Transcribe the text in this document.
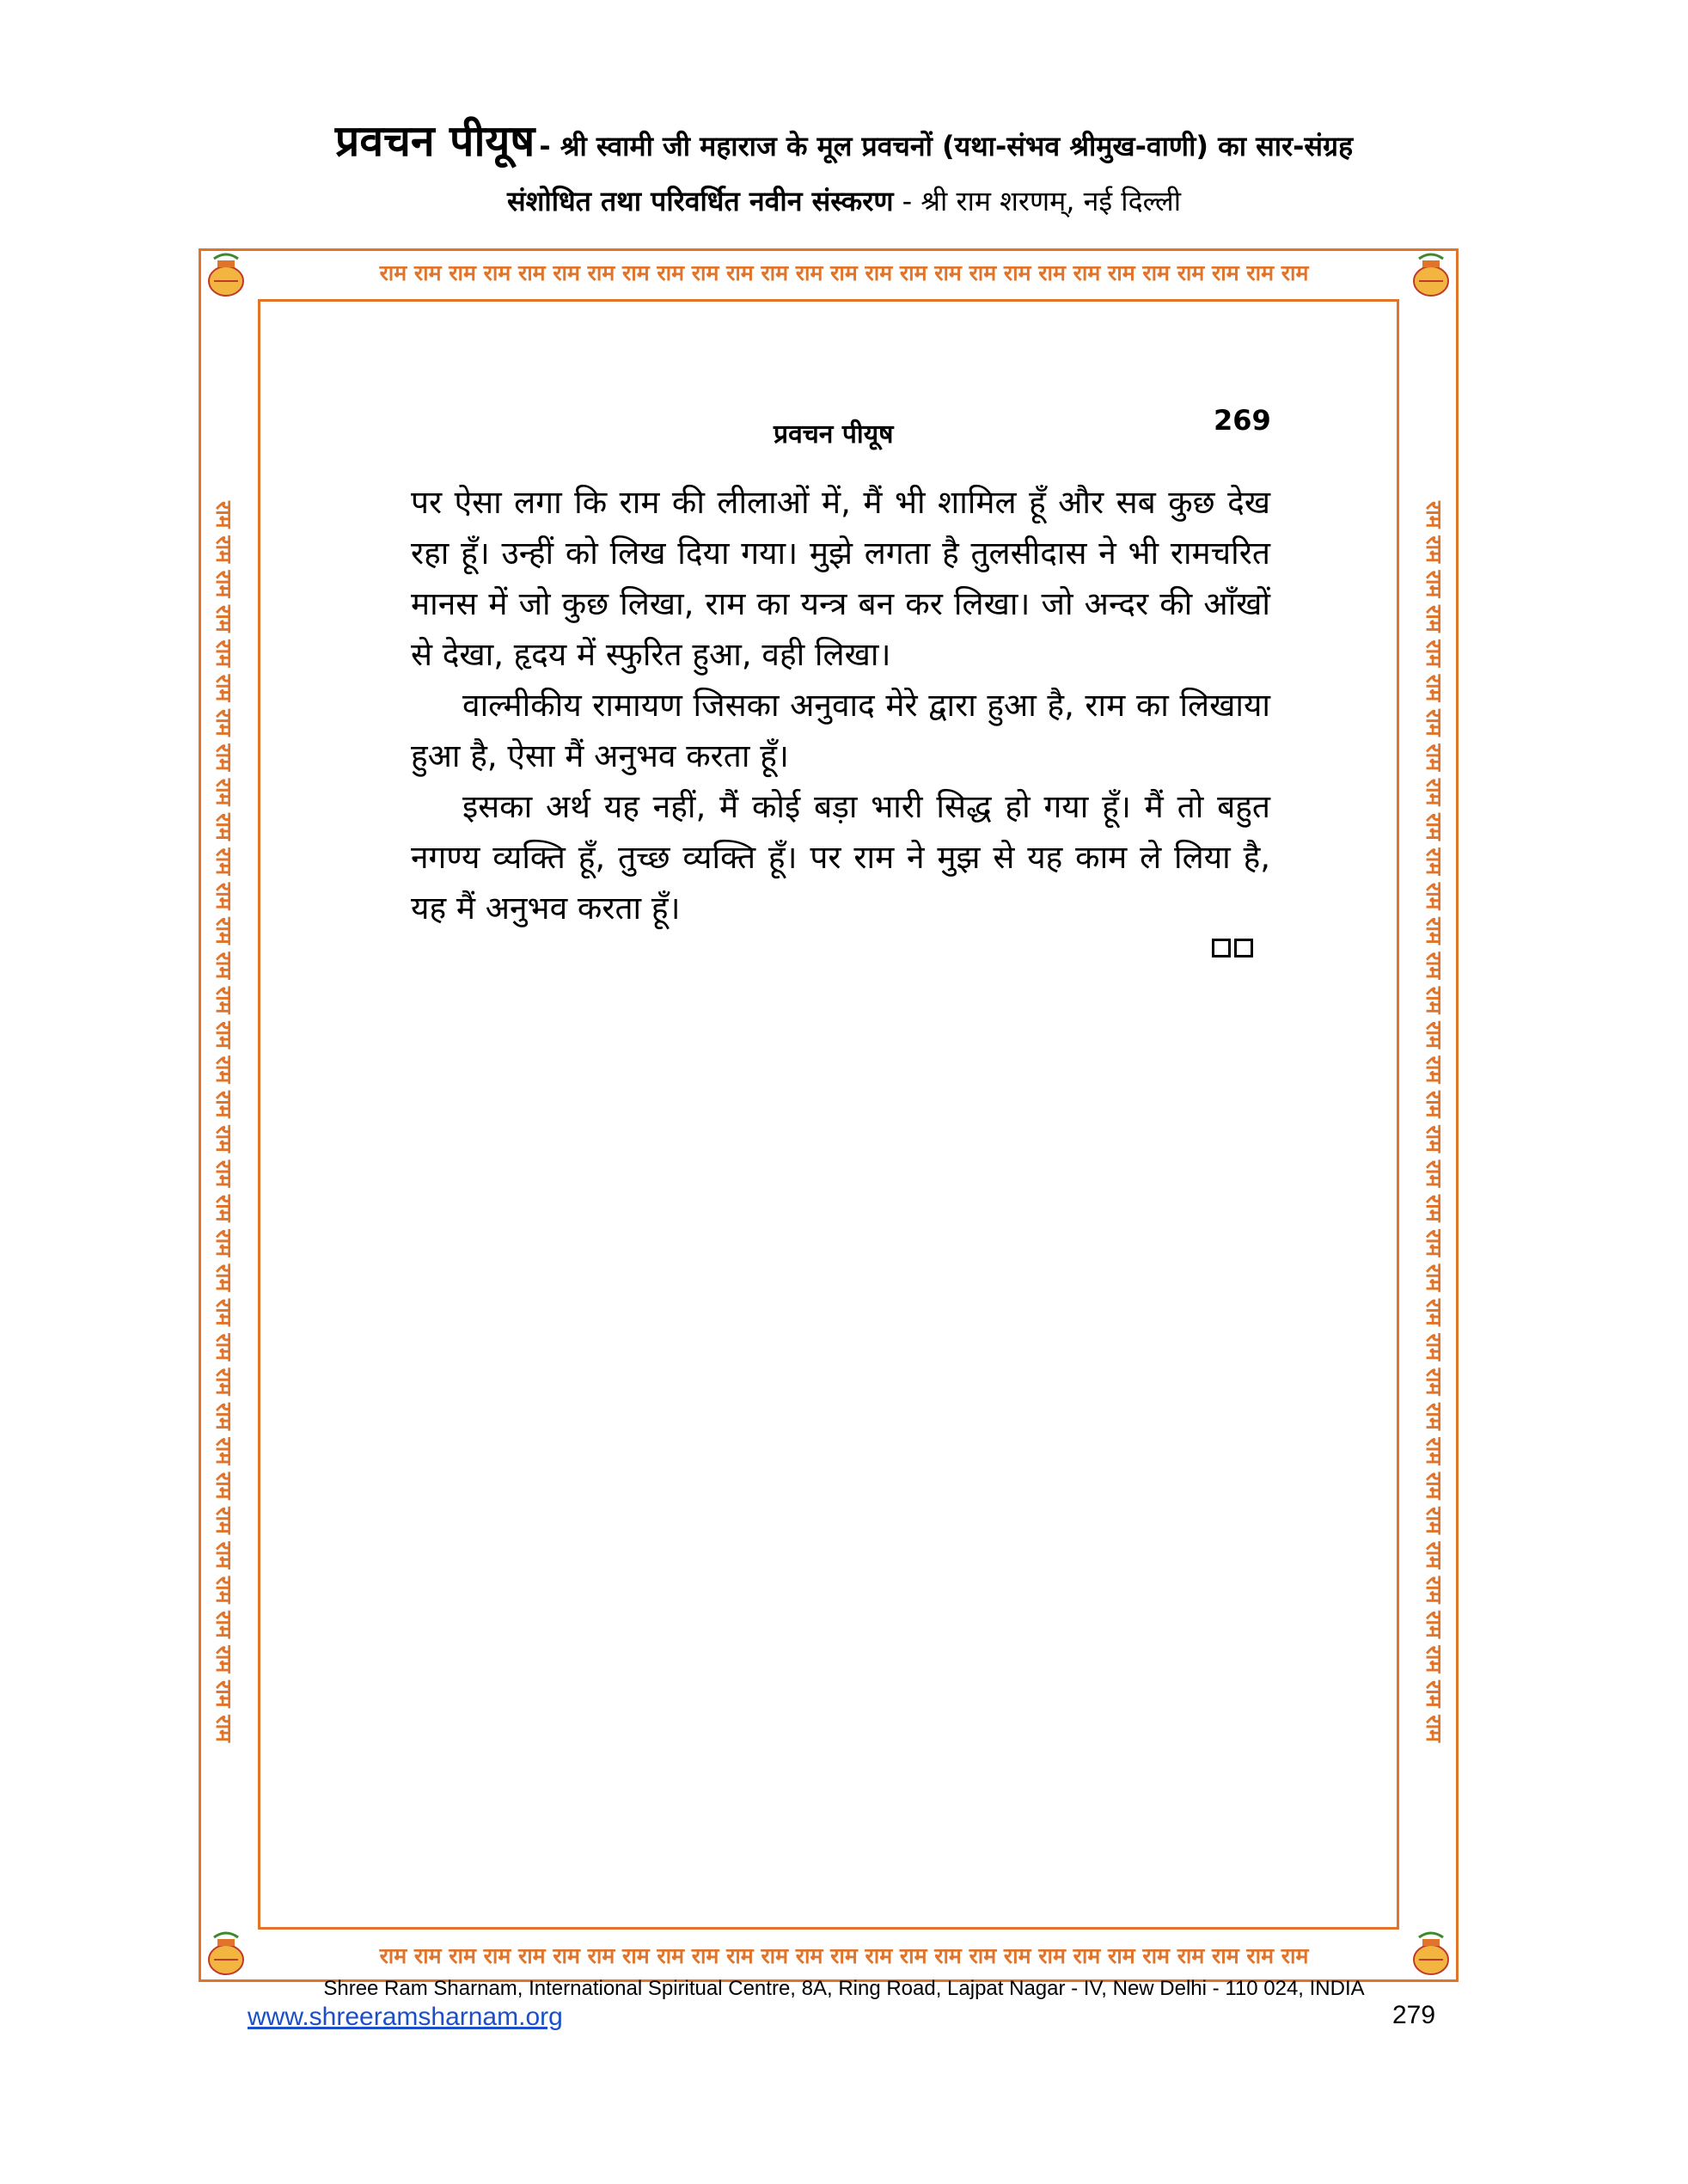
प्रवचन पीयूष - श्री स्वामी जी महाराज के मूल प्रवचनों (यथा-संभव श्रीमुख-वाणी) का सार-संग्रह
संशोधित तथा परिवर्धित नवीन संस्करण - श्री राम शरणम्, नई दिल्ली
राम राम राम राम राम राम राम राम राम राम राम राम राम राम राम राम राम राम राम राम राम राम राम राम राम राम राम
राम राम राम राम राम राम राम राम राम राम राम राम राम राम राम राम राम राम राम राम राम राम राम राम राम राम राम
राम राम राम राम राम राम राम राम राम राम राम राम राम राम राम राम राम राम राम राम राम राम राम राम राम राम राम राम राम राम राम राम राम राम राम राम	राम राम राम राम राम राम राम राम राम राम राम राम राम राम राम राम राम राम राम राम राम राम राम राम राम राम राम राम राम राम राम राम राम राम राम राम
प्रवचन पीयूष	269

पर ऐसा लगा कि राम की लीलाओं में, मैं भी शामिल हूँ और सब कुछ देख रहा हूँ। उन्हीं को लिख दिया गया। मुझे लगता है तुलसीदास ने भी रामचरित मानस में जो कुछ लिखा, राम का यन्त्र बन कर लिखा। जो अन्दर की आँखों से देखा, हृदय में स्फुरित हुआ, वही लिखा।

वाल्मीकीय रामायण जिसका अनुवाद मेरे द्वारा हुआ है, राम का लिखाया हुआ है, ऐसा मैं अनुभव करता हूँ।

इसका अर्थ यह नहीं, मैं कोई बड़ा भारी सिद्ध हो गया हूँ। मैं तो बहुत नगण्य व्यक्ति हूँ, तुच्छ व्यक्ति हूँ। पर राम ने मुझ से यह काम ले लिया है, यह मैं अनुभव करता हूँ।

Shree Ram Sharnam, International Spiritual Centre, 8A, Ring Road, Lajpat Nagar - IV, New Delhi - 110 024, INDIA
www.shreeramsharnam.org	279
